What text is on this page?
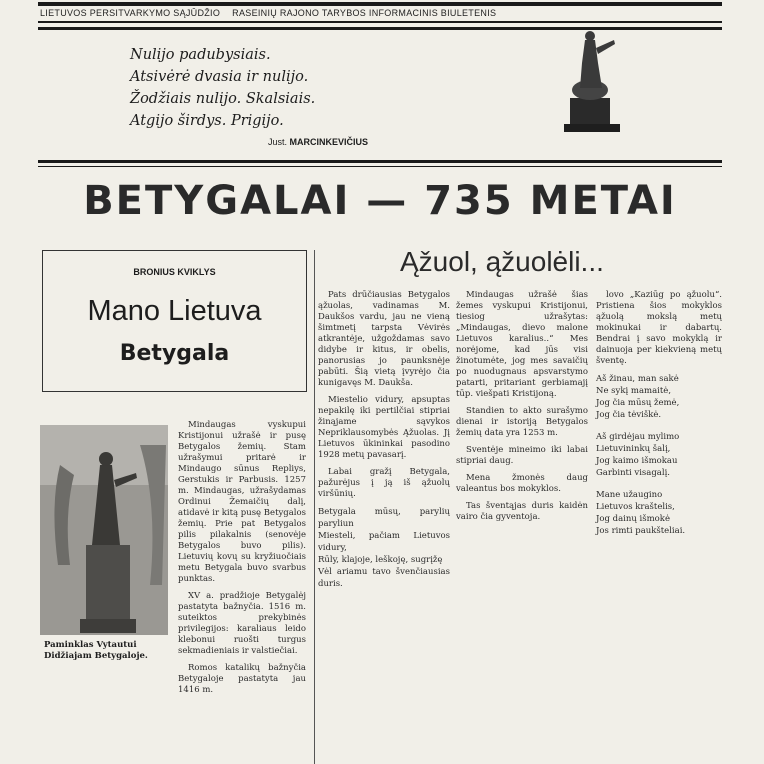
LIETUVOS PERSITVARKYMO SĄJŪDŽIO RASEINIŲ RAJONO TARYBOS INFORMACINIS BIULETENIS
Nulijo padubysiais.
Atsivėrė dvasia ir nulijo.
Žodžiais nulijo. Skalsiais.
Atgijo širdys. Prigijo.
Just. MARCINKEVIČIUS
BETYGALAI — 735 METAI
Ąžuol, ąžuolėli...
BRONIUS KVIKLYS
Mano Lietuva
Betygala
Paminklas Vytautui Didžiajam Betygaloje.

Mindaugas vyskupui Kristijonui užrašė ir pusę Betygalos žemių. Stam užrašymui pritarė ir Mindaugo sūnus Repliys, Gerstukis ir Parbusis. 1257 m. Mindaugas, užrašydamas Ordinui Žemaičių dalį, atidavė ir kitą pusę Betygalos žemių. Prie pat Betygalos pilis pilakalnis (senovėje Betygalos buvo pilis). Lietuvių kovų su kryžiuočiais metu Betygala buvo svarbus punktas.

XV a. pradžioje Betygalėj pastatyta bažnyčia. 1516 m. suteiktos prekybinės privilegijos: karaliaus leido klebonui ruošti turgus sekmadieniais ir valstiečiai.

Romos katalikų bažnyčia Betygaloje pastatyta jau 1416 m.

Pats drūčiausias Betygalos ąžuolas, vadinamas M. Daukšos vardu, jau ne vieną šimtmetį tarpsta Vėvirės atkrantėje, užgoždamas savo didybe ir kitus, ir obelis, panorusias jo paunksnėje pabūti. Šią vietą įvyrėjo čia kunigavęs M. Daukša.

Miestelio vidury, apsuptas nepakilę iki pertilčiai stipriai žinąjame sąvykos Nepriklausomybės Ąžuolas. Jį Lietuvos ūkininkai pasodino 1928 metų pavasarį.

Labai gražį Betygala, pažurėjus į ją iš ąžuolų viršūnių.

Betygala mūsų, parylių paryliun
Miesteli, pačiam Lietuvos vidury,
Rūly, klajoje, leškoję, sugrįžę
Vėl ariamu tavo švenčiausias duris.

Mindaugas užrašė šias žemes vyskupui Kristijonui, tiesiog užrašytas: „Mindaugas, dievo malone Lietuvos karalius..“ Mes norėjome, kad jūs visi žinotumėte, jog mes savaičių po nuodugnaus apsvarstymo patarti, pritariant gerbiamajį tūp. viešpati Kristijoną.

Standien to akto surašymo dienai ir istoriją Betygalos žemių data yra 1253 m.

Sventėje mineimo iki labai stipriai daug.

Mena žmonės daug valeantus bos mokyklos.

Tas šventąjas duris kaidėn vairo čia gyventoja.

lovo „Kaziūg po ąžuolu“. Pristiena šios mokyklos ąžuolą mokslą metų mokinukai ir dabartų. Bendrai į savo mokyklą ir dainuoja per kiekvieną metų šventę.

Aš žinau, man sakė
Ne sykį mamaitė,
Jog čia mūsų žemė,
Jog čia tėviškė.
Aš girdėjau mylimo
Lietuvininkų šalį,
Jog kaimo išmokau
Garbinti visagalį.
Mane užaugino
Lietuvos kraštelis,
Jog dainų išmokė
Jos rimti paukšteliai.
